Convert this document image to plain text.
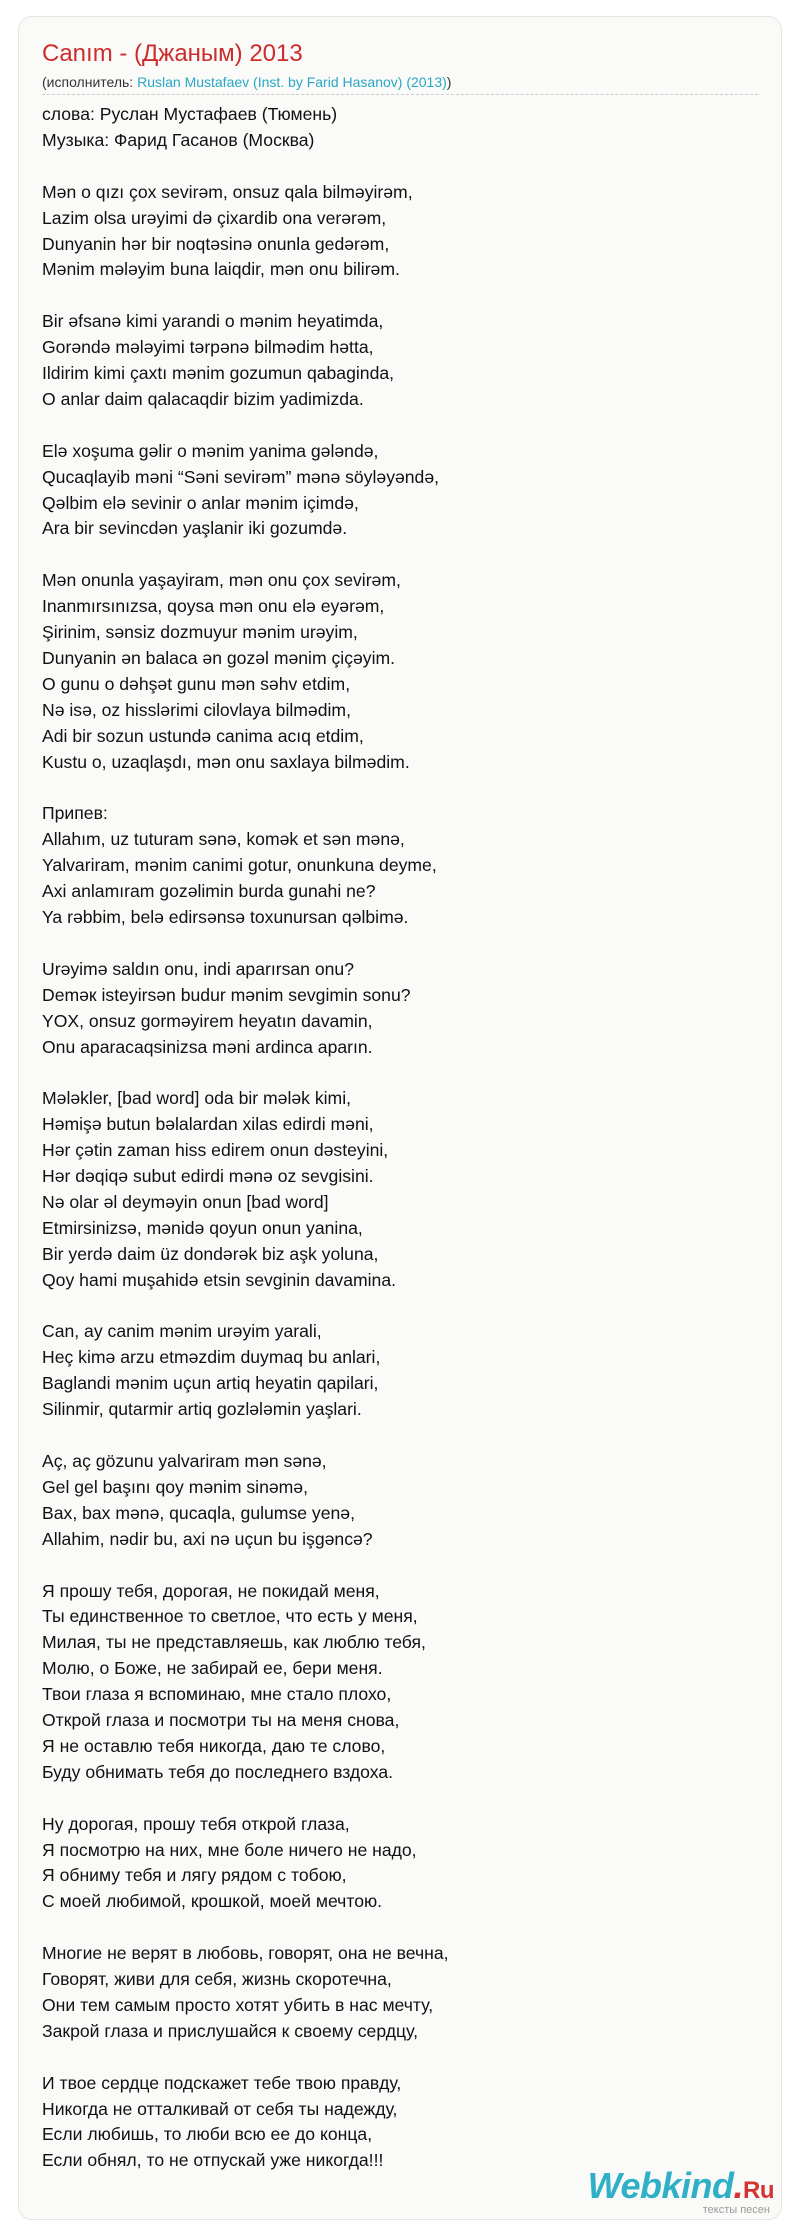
Canım - (Джаным) 2013
(исполнитель: Ruslan Mustafaev (Inst. by Farid Hasanov) (2013))
слова: Руслан Мустафаев (Тюмень)
Музыка: Фарид Гасанов (Москва)
Mən o qızı çox sevirəm, onsuz qala bilməyirəm,
Lazim olsa urəyimi də çixardib ona verərəm,
Dunyanin hər bir noqtəsinə onunla gedərəm,
Mənim mələyim buna laiqdir, mən onu bilirəm.
Bir əfsanə kimi yarandi o mənim heyatimda,
Gorəndə mələyimi tərpənə bilmədim hətta,
Ildirim kimi çaxtı mənim gozumun qabaginda,
O anlar daim qalacaqdir bizim yadimizda.
Elə xoşuma gəlir o mənim yanima gələndə,
Qucaqlayib məni “Səni sevirəm” mənə söyləyəndə,
Qəlbim elə sevinir o anlar mənim içimdə,
Ara bir sevincdən yaşlanir iki gozumdə.
Mən onunla yaşayiram, mən onu çox sevirəm,
Inanmırsınızsa, qoysa mən onu elə eyərəm,
Şirinim, sənsiz dozmuyur mənim urəyim,
Dunyanin ən balaca ən gozəl mənim çiçəyim.
O gunu o dəhşət gunu mən səhv etdim,
Nə isə, oz hisslərimi cilovlaya bilmədim,
Adi bir sozun ustundə canima acıq etdim,
Kustu o, uzaqlaşdı, mən onu saxlaya bilmədim.
Припев:
Allahım, uz tuturam sənə, komək et sən mənə,
Yalvariram, mənim canimi gotur, onunkuna deyme,
Axi anlamıram gozəlimin burda gunahi ne?
Ya rəbbim, belə edirsənsə toxunursan qəlbimə.
Urəyimə saldın onu, indi aparırsan onu?
Deməк isteyirsən budur mənim sevgimin sonu?
YOX, onsuz gorməyirem heyatın davamin,
Onu aparacaqsinizsa məni ardinca aparın.
Mələkler, [bad word] oda bir mələk kimi,
Həmişə butun bəlalardan xilas edirdi məni,
Hər çətin zaman hiss edirem onun dəsteyini,
Hər dəqiqə subut edirdi mənə oz sevgisini.
Nə olar əl deyməyin onun [bad word]
Etmirsinizsə, mənidə qoyun onun yanina,
Bir yerdə daim üz dondərək biz aşk yoluna,
Qoy hami muşahidə etsin sevginin davamina.
Can, ay canim mənim urəyim yarali,
Heç kimə arzu etməzdim duymaq bu anlari,
Baglandi mənim uçun artiq heyatin qapilari,
Silinmir, qutarmir artiq gozlələmin yaşlari.
Aç, aç gözunu yalvariram mən sənə,
Gel gel başını qoy mənim sinəmə,
Bax, bax mənə, qucaqla, gulumse yenə,
Allahim, nədir bu, axi nə uçun bu işgəncə?
Я прошу тебя, дорогая, не покидай меня,
Ты единственное то светлое, что есть у меня,
Милая, ты не представляешь, как люблю тебя,
Молю, о Боже, не забирай ее, бери меня.
Твои глаза я вспоминаю, мне стало плохо,
Открой глаза и посмотри ты на меня снова,
Я не оставлю тебя никогда, даю те слово,
Буду обнимать тебя до последнего вздоха.
Ну дорогая, прошу тебя открой глаза,
Я посмотрю на них, мне боле ничего не надо,
Я обниму тебя и лягу рядом с тобою,
С моей любимой, крошкой, моей мечтою.
Многие не верят в любовь, говорят, она не вечна,
Говорят, живи для себя, жизнь скоротечна,
Они тем самым просто хотят убить в нас мечту,
Закрой глаза и прислушайся к своему сердцу,
И твое сердце подскажет тебе твою правду,
Никогда не отталкивай от себя ты надежду,
Если любишь, то люби всю ее до конца,
Если обнял, то не отпускай уже никогда!!!
Webkind.Ru
тексты песен
